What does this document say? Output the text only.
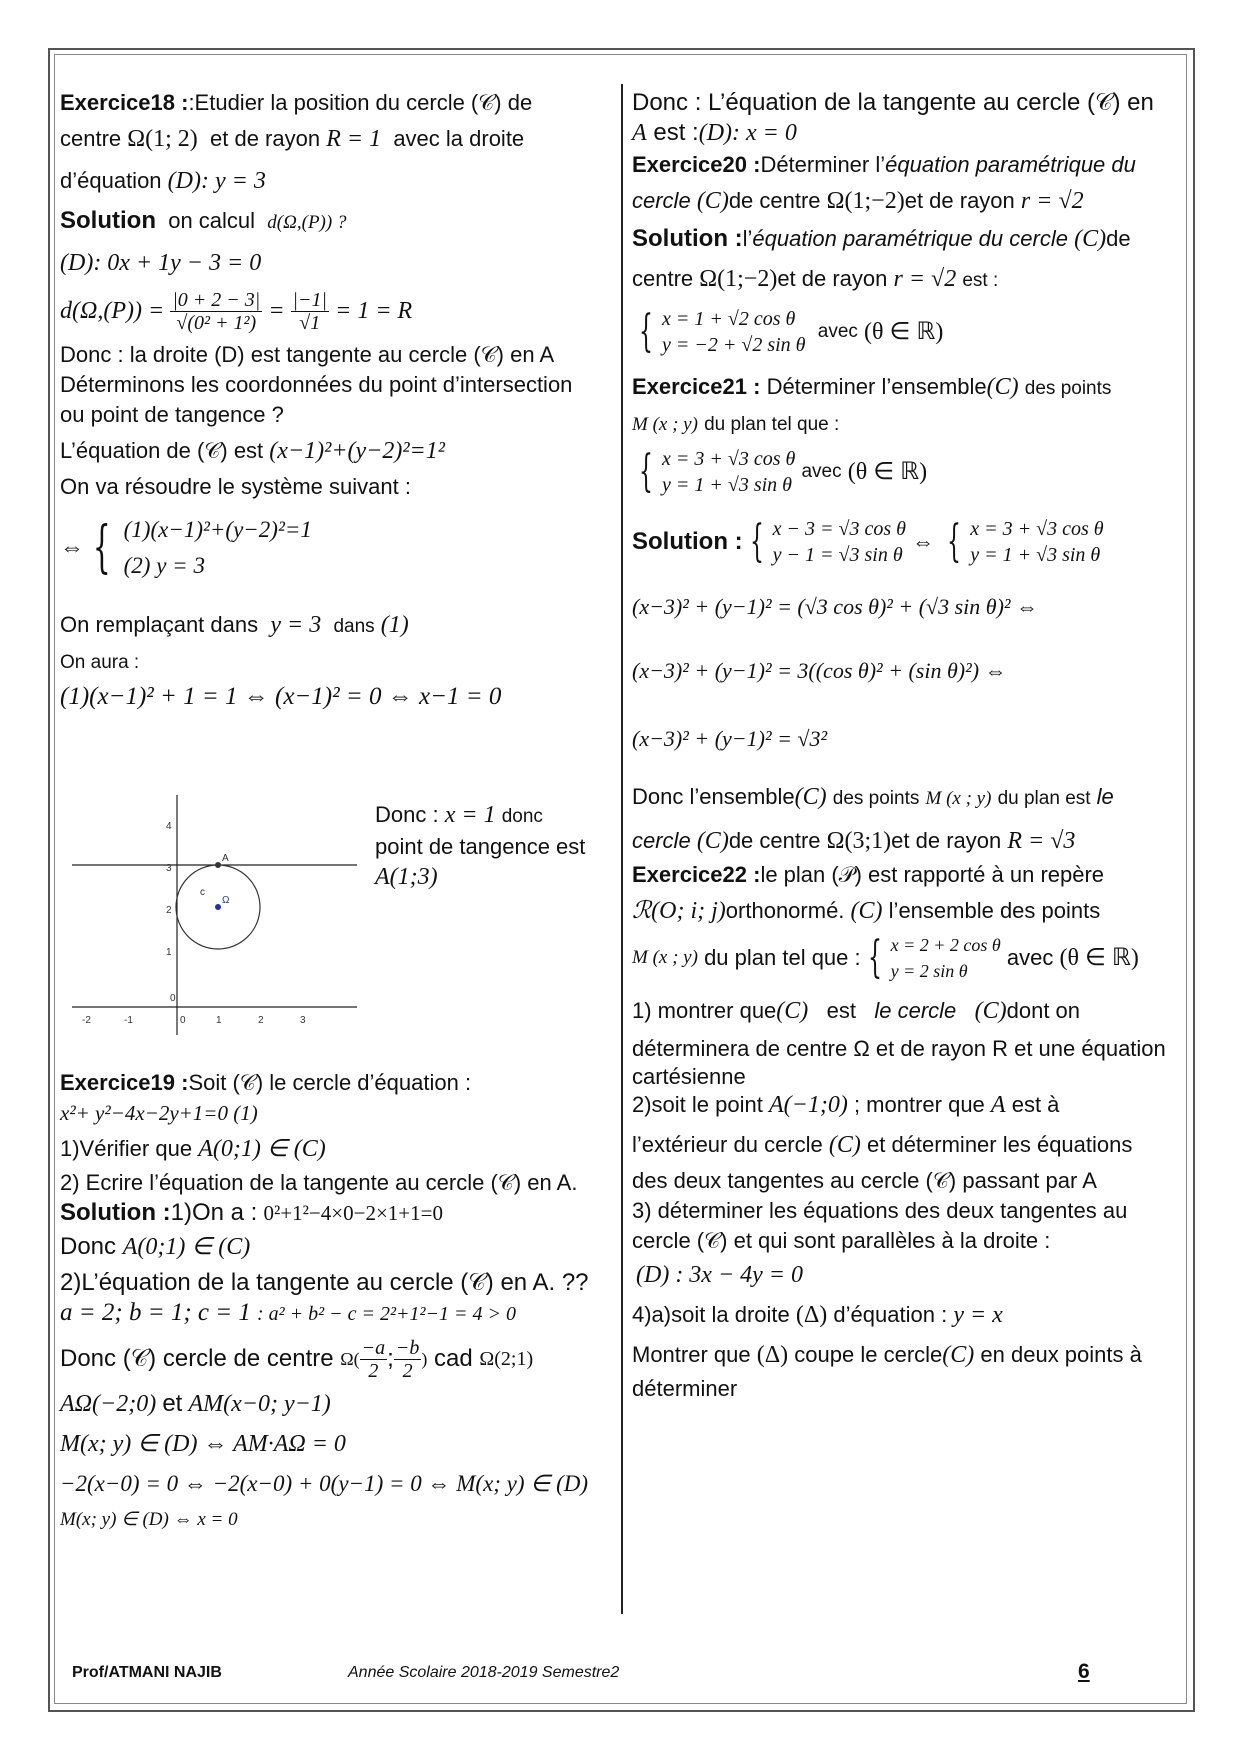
Exercice18 ::Etudier la position du cercle (𝒞) de

centre Ω(1; 2) et de rayon R = 1 avec la droite

d’équation (D): y = 3

Solution on calcul d(Ω,(P)) ?

(D): 0x + 1y − 3 = 0

d(Ω,(P)) =
$\frac{|0 + 2 - 3|}{\text{√(0² + 1²)}} = \frac{|-1|}{√1}$
= 1 = R

Donc : la droite (D) est tangente au cercle (𝒞) en A

Déterminons les coordonnées du point d’intersection

ou point de tangence ?

L’équation de (𝒞) est (x−1)²+(y−2)²=1²

On va résoudre le système suivant :

⇔ { (1)(x−1)²+(y−2)²=1
(2) y = 3

On remplaçant dans y = 3 dans (1)

On aura :

(1)(x−1)² + 1 = 1 ⇔ (x−1)² = 0 ⇔ x−1 = 0

-2	-1	0	1	2	3
1
2
3
4
0
A
c
Ω

Donc : x = 1 donc

point de tangence est

A(1;3)

Exercice19 :Soit (𝒞) le cercle d’équation :

x²+ y²−4x−2y+1=0 (1)

1)Vérifier que A(0;1) ∈ (C)

2) Ecrire l’équation de la tangente au cercle (𝒞) en A.

Solution :1)On a : 0²+1²−4×0−2×1+1=0

Donc A(0;1) ∈ (C)

2)L’équation de la tangente au cercle (𝒞) en A. ??

a = 2; b = 1; c = 1 : a² + b² − c = 2²+1²−1 = 4 > 0

Donc (𝒞) cercle de centre
$\Omega( \frac{-a}{2}$ ; $\frac{-b}{2}$ )
cad
Ω(2;1)

AΩ(−2;0) et AM(x−0; y−1)

M(x; y) ∈ (D) ⇔ AM·AΩ = 0

−2(x−0) = 0 ⇔ −2(x−0) + 0(y−1) = 0 ⇔ M(x; y) ∈ (D)

M(x; y) ∈ (D) ⇔ x = 0

Donc : L’équation de la tangente au cercle (𝒞) en

A est :(D): x = 0

Exercice20 :Déterminer l’équation paramétrique du

cercle (C)de centre Ω(1;−2)et de rayon r = √2

Solution :l’équation paramétrique du cercle (C)de

centre Ω(1;−2)et de rayon r = √2 est :

{ x = 1 + √2 cos θ
y = −2 + √2 sin θ

avec
(θ ∈ ℝ)

Exercice21 : Déterminer l’ensemble(C) des points

M (x ; y) du plan tel que :

{ x = 3 + √3 cos θ
y = 1 + √3 sin θ

avec
(θ ∈ ℝ)
Solution : { x − 3 = √3 cos θ
y − 1 = √3 sin θ

⇔
{ x = 3 + √3 cos θ
y = 1 + √3 sin θ

(x−3)² + (y−1)² = (√3 cos θ)² + (√3 sin θ)² ⇔

(x−3)² + (y−1)² = 3((cos θ)² + (sin θ)²) ⇔

(x−3)² + (y−1)² = √3²

Donc l’ensemble(C) des points M (x ; y) du plan est le

cercle (C)de centre Ω(3;1)et de rayon R = √3

Exercice22 :le plan (𝒫) est rapporté à un repère

ℛ(O; i; j)orthonormé. (C) l’ensemble des points

M (x ; y)
du plan tel que : { x = 2 + 2 cos θ
y = 2 sin θ

avec
(θ ∈ ℝ)

1) montrer que(C) est le cercle (C)dont on

déterminera de centre Ω et de rayon R et une équation

cartésienne

2)soit le point A(−1;0) ; montrer que A est à

l’extérieur du cercle (C) et déterminer les équations

des deux tangentes au cercle (𝒞) passant par A

3) déterminer les équations des deux tangentes au

cercle (𝒞) et qui sont parallèles à la droite :

(D) : 3x − 4y = 0

4)a)soit la droite (Δ) d’équation : y = x

Montrer que (Δ) coupe le cercle(C) en deux points à

déterminer

Prof/ATMANI NAJIB	Année Scolaire 2018-2019 Semestre2	6
